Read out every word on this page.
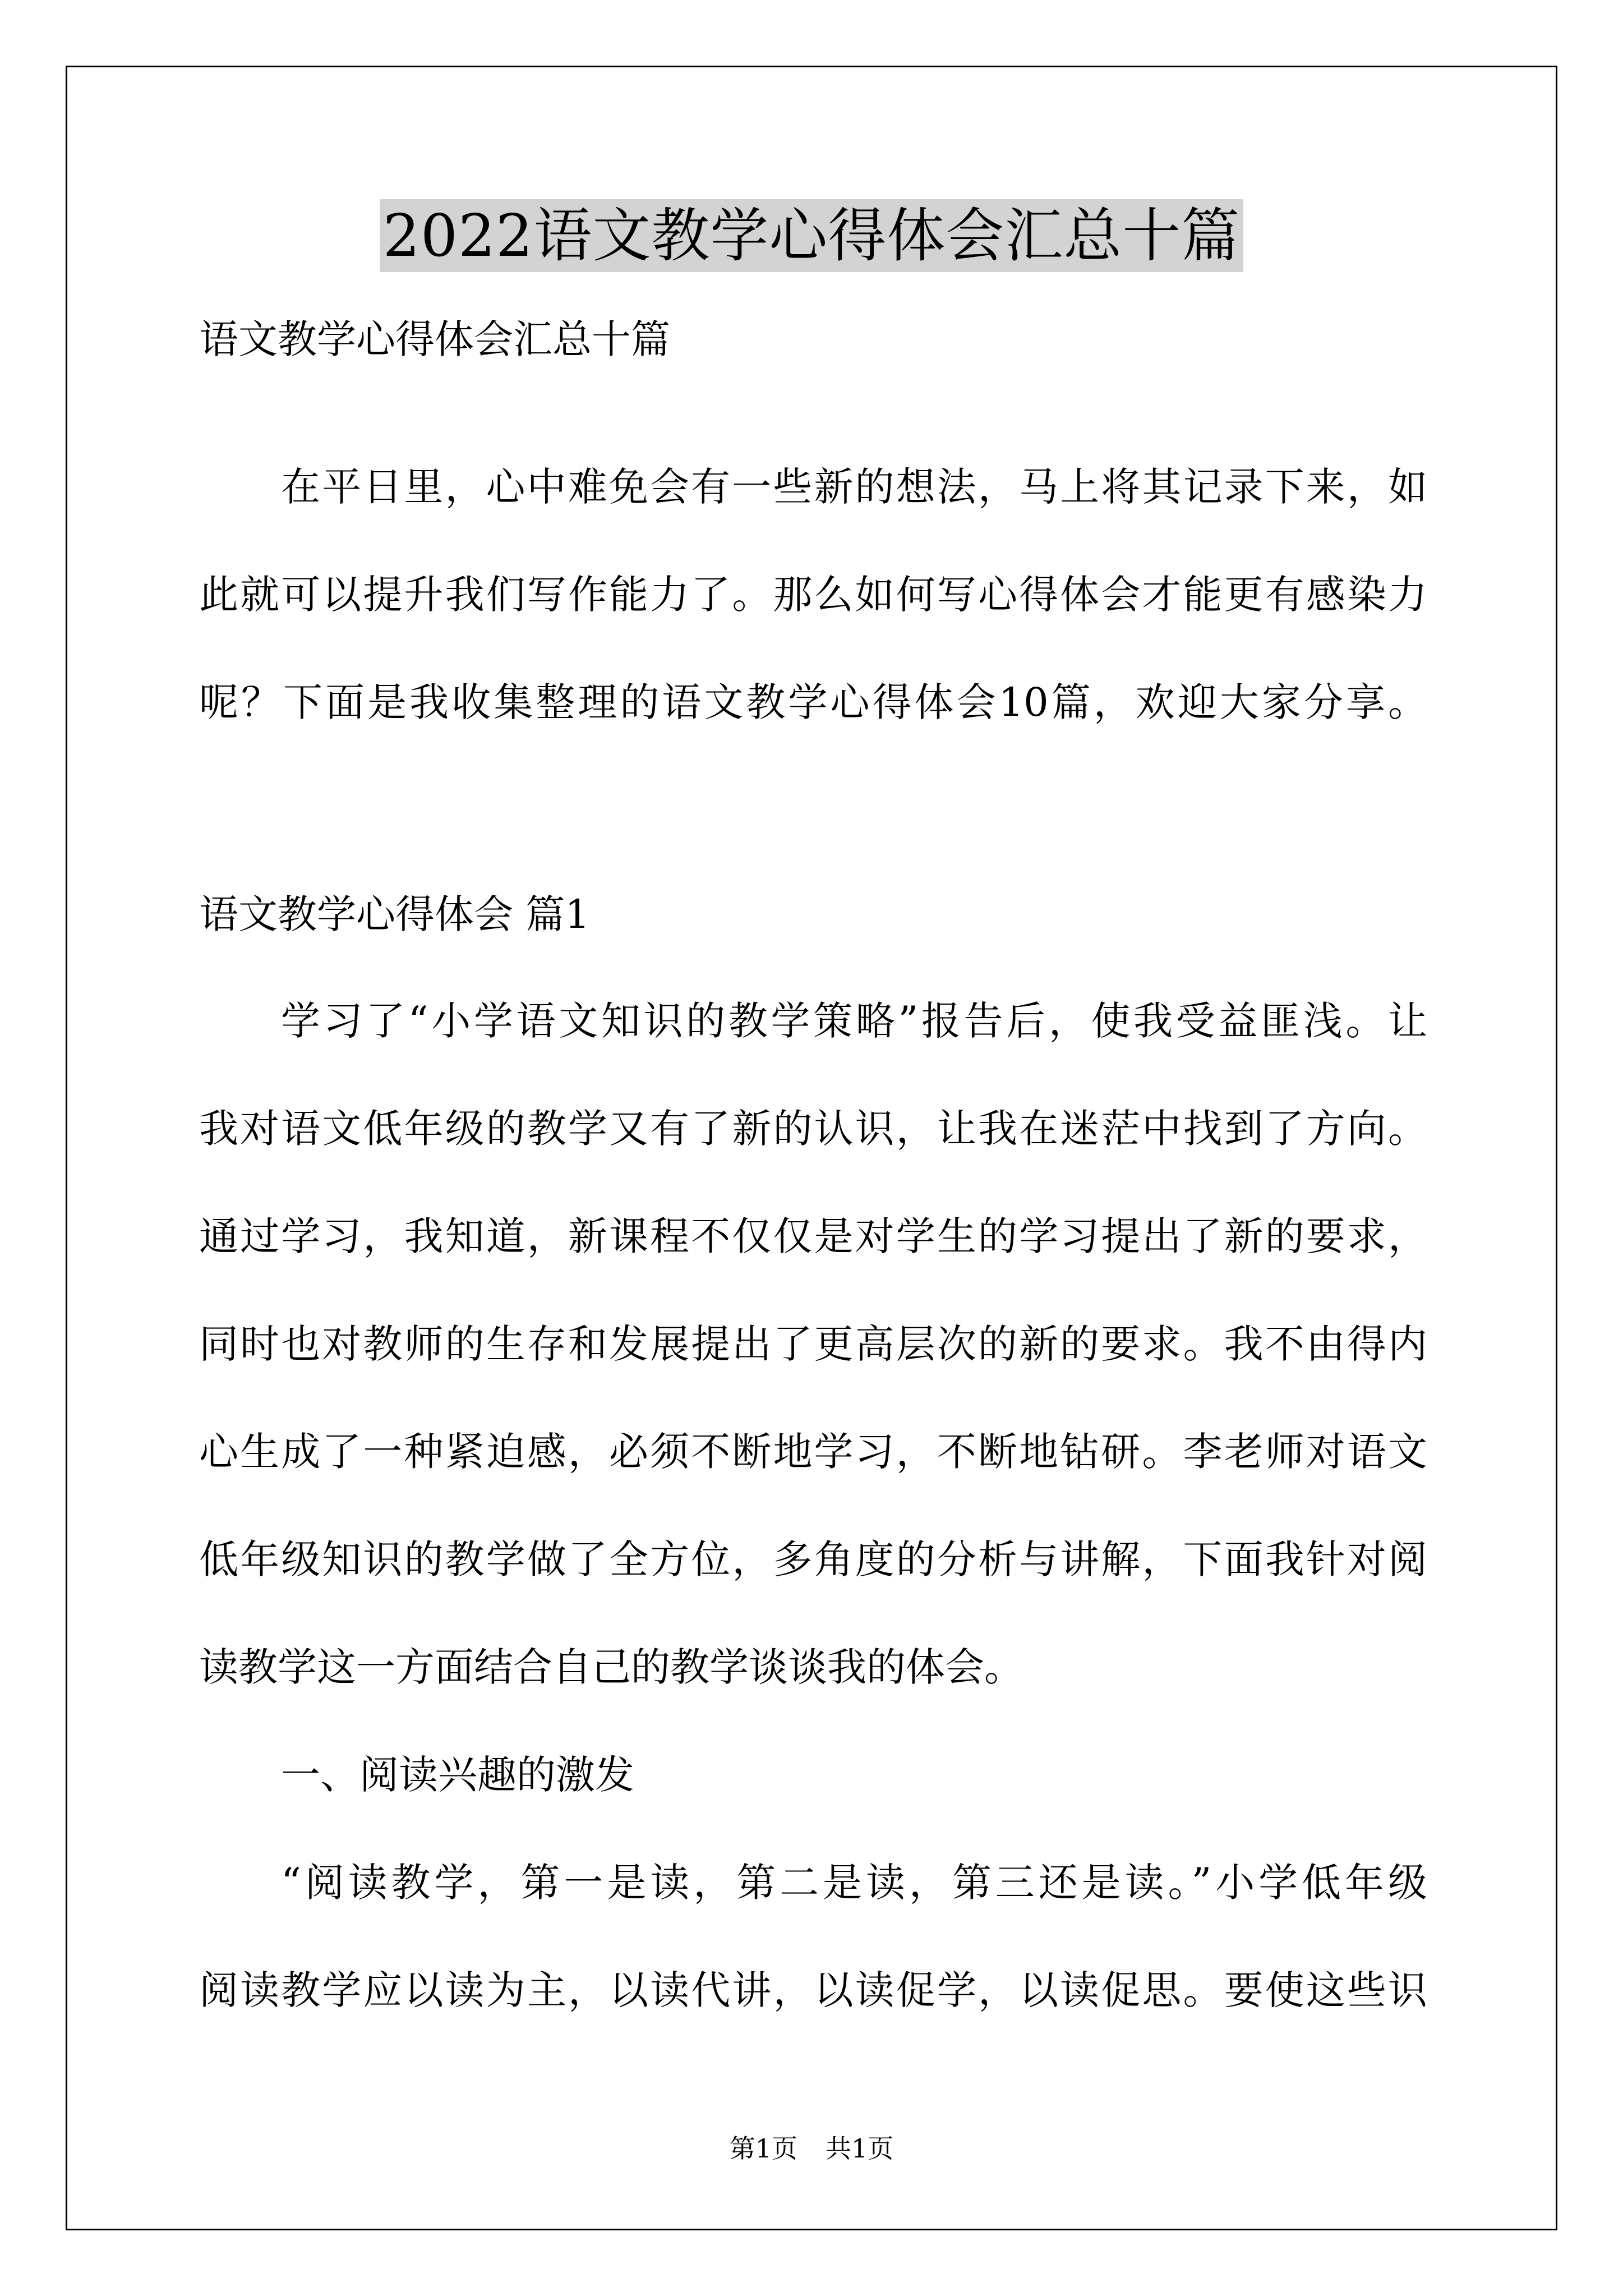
2022语文教学心得体会汇总十篇
语文教学心得体会汇总十篇
在平日里，心中难免会有一些新的想法，马上将其记录下来，如
此就可以提升我们写作能力了。那么如何写心得体会才能更有感染力
呢？下面是我收集整理的语文教学心得体会10篇，欢迎大家分享。
语文教学心得体会 篇1
学习了“小学语文知识的教学策略”报告后，使我受益匪浅。让
我对语文低年级的教学又有了新的认识，让我在迷茫中找到了方向。
通过学习，我知道，新课程不仅仅是对学生的学习提出了新的要求，
同时也对教师的生存和发展提出了更高层次的新的要求。我不由得内
心生成了一种紧迫感，必须不断地学习，不断地钻研。李老师对语文
低年级知识的教学做了全方位，多角度的分析与讲解，下面我针对阅
读教学这一方面结合自己的教学谈谈我的体会。
一、阅读兴趣的激发
“阅读教学，第一是读，第二是读，第三还是读。”小学低年级
阅读教学应以读为主，以读代讲，以读促学，以读促思。要使这些识
第1页 共1页
